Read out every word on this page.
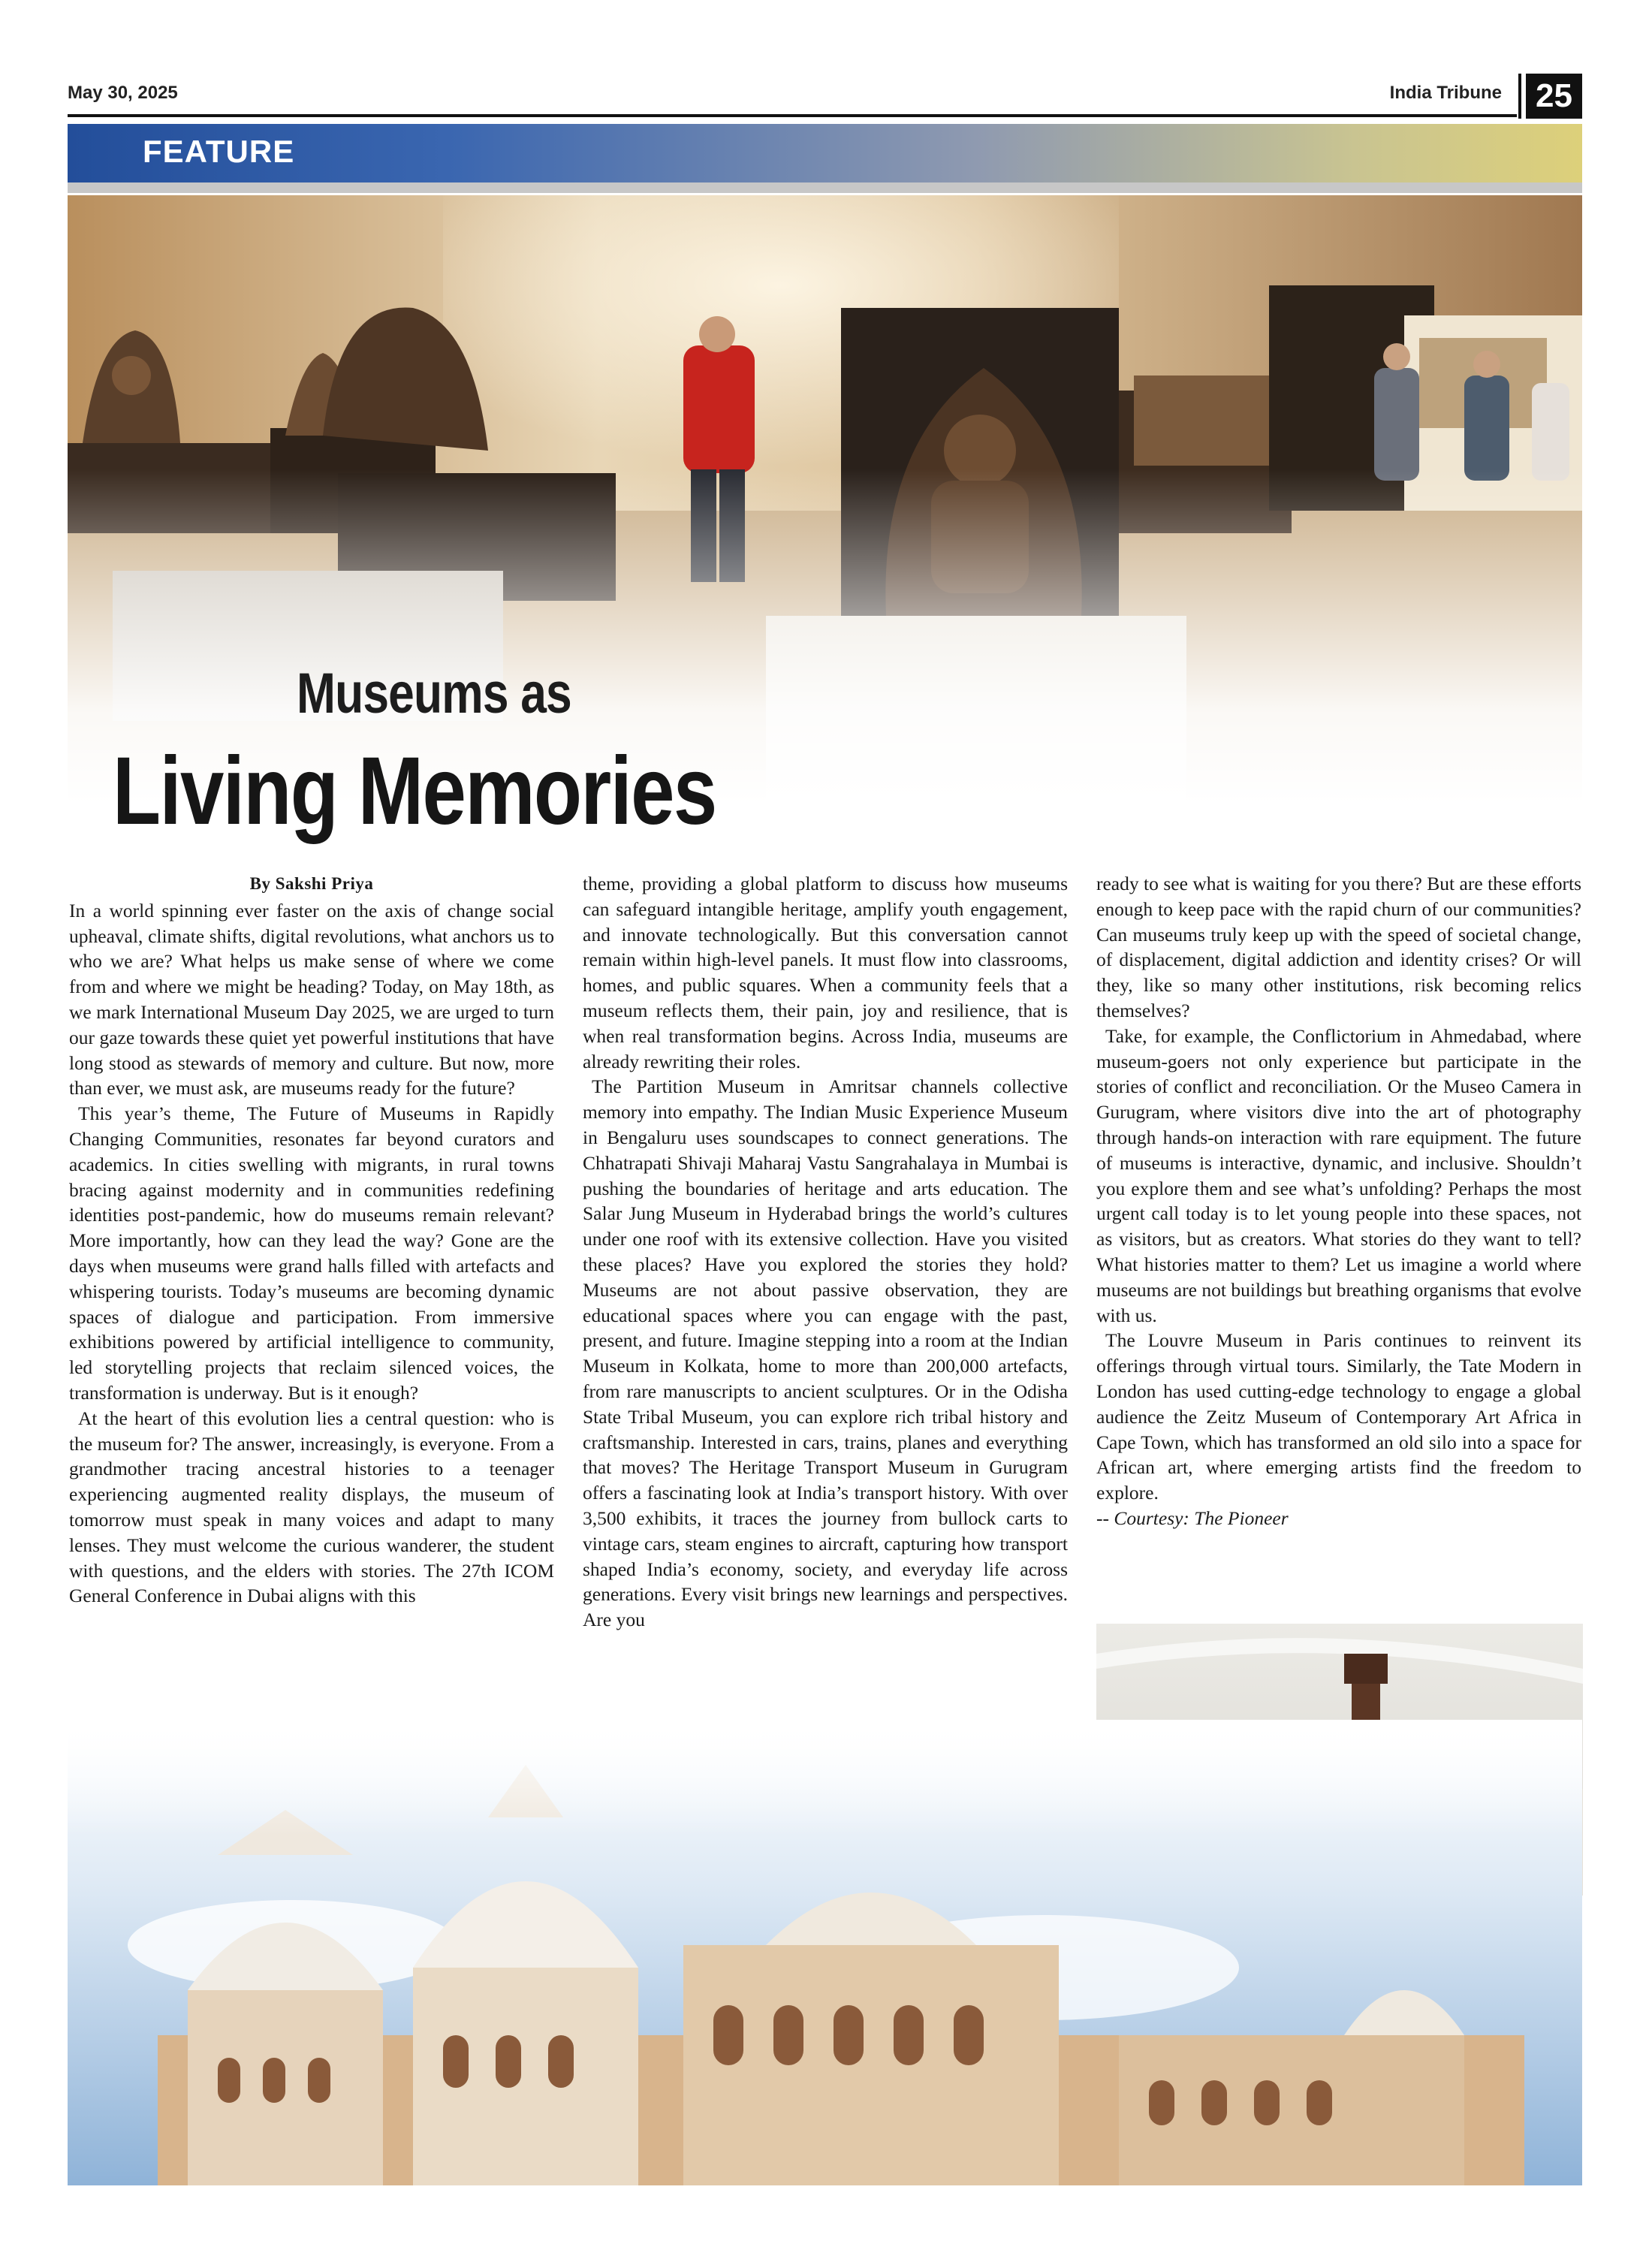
May 30, 2025	India Tribune 25
FEATURE
Museums as
Living Memories
By Sakshi Priya

In a world spinning ever faster on the axis of change social upheaval, climate shifts, digital revolutions, what anchors us to who we are? What helps us make sense of where we come from and where we might be heading? Today, on May 18th, as we mark International Museum Day 2025, we are urged to turn our gaze towards these quiet yet powerful institutions that have long stood as stewards of memory and culture. But now, more than ever, we must ask, are museums ready for the future?

This year’s theme, The Future of Museums in Rapidly Changing Communities, resonates far beyond curators and academics. In cities swelling with migrants, in rural towns bracing against modernity and in communities redefining identities post-pandemic, how do museums remain relevant? More importantly, how can they lead the way? Gone are the days when museums were grand halls filled with artefacts and whispering tourists. Today’s museums are becoming dynamic spaces of dialogue and participation. From immersive exhibitions powered by artificial intelligence to community, led storytelling projects that reclaim silenced voices, the transformation is underway. But is it enough?

At the heart of this evolution lies a central question: who is the museum for? The answer, increasingly, is everyone. From a grandmother tracing ancestral histories to a teenager experiencing augmented reality displays, the museum of tomorrow must speak in many voices and adapt to many lenses. They must welcome the curious wanderer, the student with questions, and the elders with stories. The 27th ICOM General Conference in Dubai aligns with this

theme, providing a global platform to discuss how museums can safeguard intangible heritage, amplify youth engagement, and innovate technologically. But this conversation cannot remain within high-level panels. It must flow into classrooms, homes, and public squares. When a community feels that a museum reflects them, their pain, joy and resilience, that is when real transformation begins. Across India, museums are already rewriting their roles.

The Partition Museum in Amritsar channels collective memory into empathy. The Indian Music Experience Museum in Bengaluru uses soundscapes to connect generations. The Chhatrapati Shivaji Maharaj Vastu Sangrahalaya in Mumbai is pushing the boundaries of heritage and arts education. The Salar Jung Museum in Hyderabad brings the world’s cultures under one roof with its extensive collection. Have you visited these places? Have you explored the stories they hold? Museums are not about passive observation, they are educational spaces where you can engage with the past, present, and future. Imagine stepping into a room at the Indian Museum in Kolkata, home to more than 200,000 artefacts, from rare manuscripts to ancient sculptures. Or in the Odisha State Tribal Museum, you can explore rich tribal history and craftsmanship. Interested in cars, trains, planes and everything that moves? The Heritage Transport Museum in Gurugram offers a fascinating look at India’s transport history. With over 3,500 exhibits, it traces the journey from bullock carts to vintage cars, steam engines to aircraft, capturing how transport shaped India’s economy, society, and everyday life across generations. Every visit brings new learnings and perspectives. Are you

ready to see what is waiting for you there? But are these efforts enough to keep pace with the rapid churn of our communities? Can museums truly keep up with the speed of societal change, of displacement, digital addiction and identity crises? Or will they, like so many other institutions, risk becoming relics themselves?

Take, for example, the Conflictorium in Ahmedabad, where museum-goers not only experience but participate in the stories of conflict and reconciliation. Or the Museo Camera in Gurugram, where visitors dive into the art of photography through hands-on interaction with rare equipment. The future of museums is interactive, dynamic, and inclusive. Shouldn’t you explore them and see what’s unfolding? Perhaps the most urgent call today is to let young people into these spaces, not as visitors, but as creators. What stories do they want to tell? What histories matter to them? Let us imagine a world where museums are not buildings but breathing organisms that evolve with us.

The Louvre Museum in Paris continues to reinvent its offerings through virtual tours. Similarly, the Tate Modern in London has used cutting-edge technology to engage a global audience the Zeitz Museum of Contemporary Art Africa in Cape Town, which has transformed an old silo into a space for African art, where emerging artists find the freedom to explore.

-- Courtesy: The Pioneer
